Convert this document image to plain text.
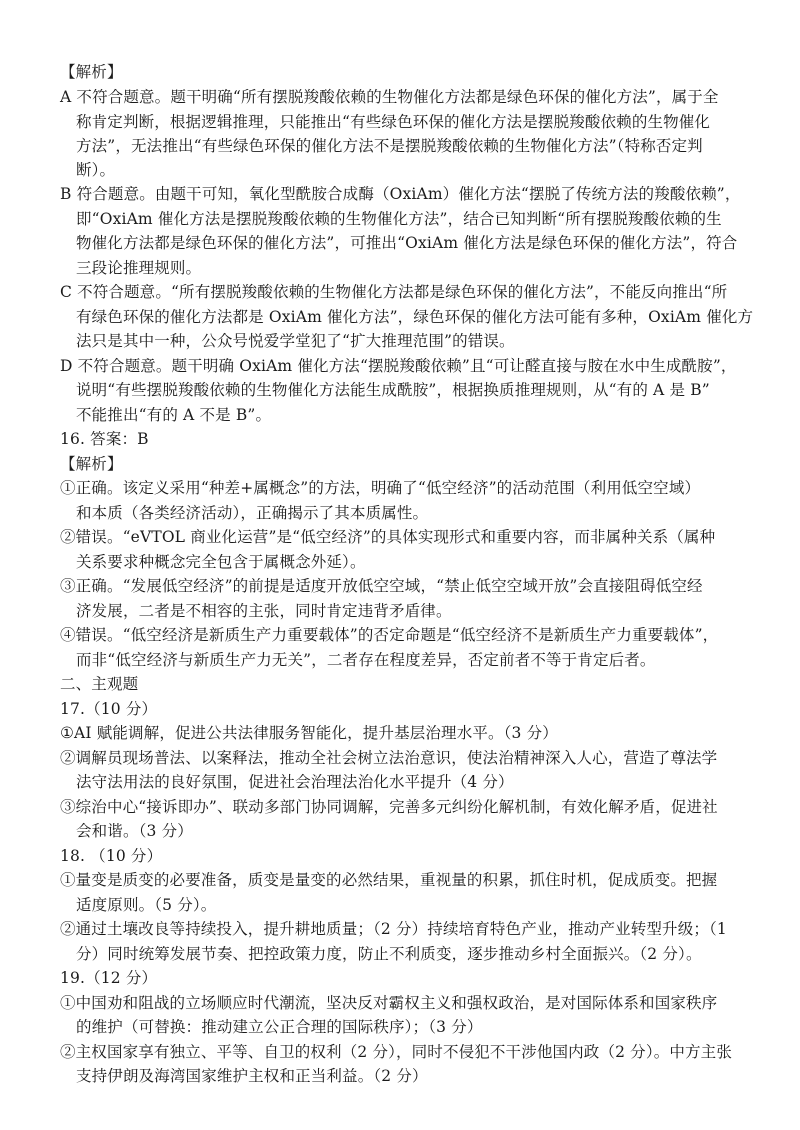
【解析】
A 不符合题意。题干明确“所有摆脱羧酸依赖的生物催化方法都是绿色环保的催化方法”，属于全
称肯定判断，根据逻辑推理，只能推出“有些绿色环保的催化方法是摆脱羧酸依赖的生物催化
方法”，无法推出“有些绿色环保的催化方法不是摆脱羧酸依赖的生物催化方法”（特称否定判
断）。
B 符合题意。由题干可知，氧化型酰胺合成酶（OxiAm）催化方法“摆脱了传统方法的羧酸依赖”，
即“OxiAm 催化方法是摆脱羧酸依赖的生物催化方法”，结合已知判断“所有摆脱羧酸依赖的生
物催化方法都是绿色环保的催化方法”，可推出“OxiAm 催化方法是绿色环保的催化方法”，符合
三段论推理规则。
C 不符合题意。“所有摆脱羧酸依赖的生物催化方法都是绿色环保的催化方法”，不能反向推出“所
有绿色环保的催化方法都是 OxiAm 催化方法”，绿色环保的催化方法可能有多种，OxiAm 催化方
法只是其中一种，公众号悦爱学堂犯了“扩大推理范围”的错误。
D 不符合题意。题干明确 OxiAm 催化方法“摆脱羧酸依赖”且“可让醛直接与胺在水中生成酰胺”，
说明“有些摆脱羧酸依赖的生物催化方法能生成酰胺”，根据换质推理规则，从“有的 A 是 B”
不能推出“有的 A 不是 B”。
16. 答案：B
【解析】
①正确。该定义采用“种差+属概念”的方法，明确了“低空经济”的活动范围（利用低空空域）
和本质（各类经济活动），正确揭示了其本质属性。
②错误。“eVTOL 商业化运营”是“低空经济”的具体实现形式和重要内容，而非属种关系（属种
关系要求种概念完全包含于属概念外延）。
③正确。“发展低空经济”的前提是适度开放低空空域，“禁止低空空域开放”会直接阻碍低空经
济发展，二者是不相容的主张，同时肯定违背矛盾律。
④错误。“低空经济是新质生产力重要载体”的否定命题是“低空经济不是新质生产力重要载体”，
而非“低空经济与新质生产力无关”，二者存在程度差异，否定前者不等于肯定后者。
二、主观题
17.（10 分）
①AI 赋能调解，促进公共法律服务智能化，提升基层治理水平。（3 分）
②调解员现场普法、以案释法，推动全社会树立法治意识，使法治精神深入人心，营造了尊法学
法守法用法的良好氛围，促进社会治理法治化水平提升（4 分）
③综治中心“接诉即办”、联动多部门协同调解，完善多元纠纷化解机制，有效化解矛盾，促进社
会和谐。（3 分）
18. （10 分）
①量变是质变的必要准备，质变是量变的必然结果，重视量的积累，抓住时机，促成质变。把握
适度原则。（5 分）。
②通过土壤改良等持续投入，提升耕地质量；（2 分）持续培育特色产业，推动产业转型升级；（1
分）同时统筹发展节奏、把控政策力度，防止不利质变，逐步推动乡村全面振兴。（2 分）。
19.（12 分）
①中国劝和阻战的立场顺应时代潮流，坚决反对霸权主义和强权政治，是对国际体系和国家秩序
的维护（可替换：推动建立公正合理的国际秩序）；（3 分）
②主权国家享有独立、平等、自卫的权利（2 分），同时不侵犯不干涉他国内政（2 分）。中方主张
支持伊朗及海湾国家维护主权和正当利益。（2 分）
